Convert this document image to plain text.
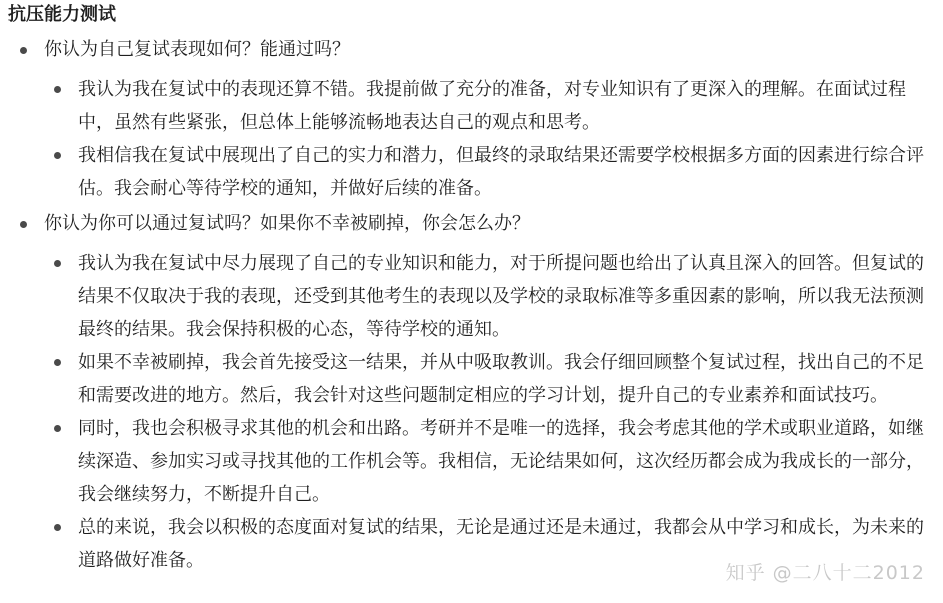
抗压能力测试
你认为自己复试表现如何？能通过吗？
我认为我在复试中的表现还算不错。我提前做了充分的准备，对专业知识有了更深入的理解。在面试过程中，虽然有些紧张，但总体上能够流畅地表达自己的观点和思考。
我相信我在复试中展现出了自己的实力和潜力，但最终的录取结果还需要学校根据多方面的因素进行综合评估。我会耐心等待学校的通知，并做好后续的准备。
你认为你可以通过复试吗？如果你不幸被刷掉，你会怎么办？
我认为我在复试中尽力展现了自己的专业知识和能力，对于所提问题也给出了认真且深入的回答。但复试的结果不仅取决于我的表现，还受到其他考生的表现以及学校的录取标准等多重因素的影响，所以我无法预测最终的结果。我会保持积极的心态，等待学校的通知。
如果不幸被刷掉，我会首先接受这一结果，并从中吸取教训。我会仔细回顾整个复试过程，找出自己的不足和需要改进的地方。然后，我会针对这些问题制定相应的学习计划，提升自己的专业素养和面试技巧。
同时，我也会积极寻求其他的机会和出路。考研并不是唯一的选择，我会考虑其他的学术或职业道路，如继续深造、参加实习或寻找其他的工作机会等。我相信，无论结果如何，这次经历都会成为我成长的一部分，我会继续努力，不断提升自己。
总的来说，我会以积极的态度面对复试的结果，无论是通过还是未通过，我都会从中学习和成长，为未来的道路做好准备。
知乎 @二八十二2012
